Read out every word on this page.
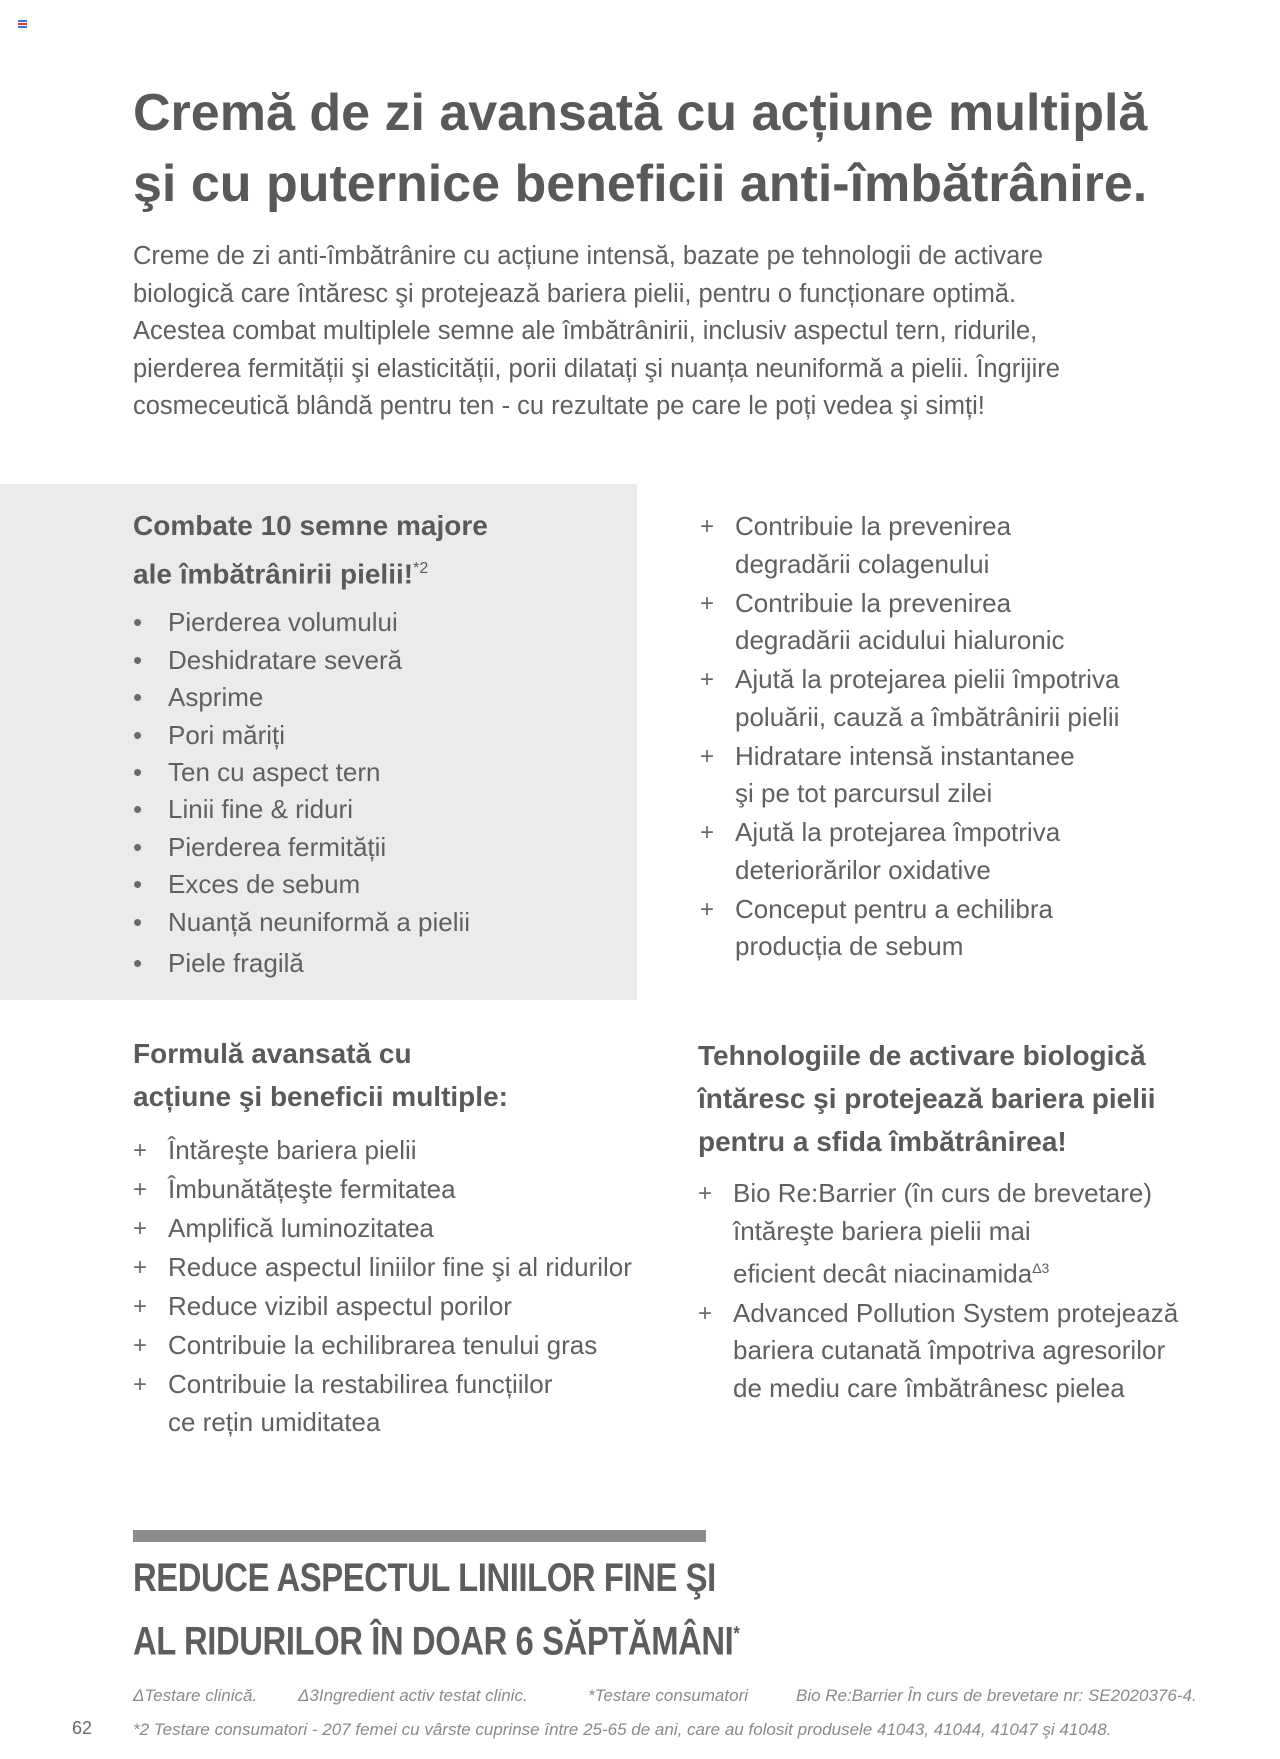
Cremă de zi avansată cu acțiune multiplă
şi cu puternice beneficii anti-îmbătrânire.

Creme de zi anti-îmbătrânire cu acțiune intensă, bazate pe tehnologii de activare
biologică care întăresc şi protejează bariera pielii, pentru o funcționare optimă.
Acestea combat multiplele semne ale îmbătrânirii, inclusiv aspectul tern, ridurile,
pierderea fermității şi elasticității, porii dilatați şi nuanța neuniformă a pielii. Îngrijire
cosmeceutică blândă pentru ten - cu rezultate pe care le poți vedea şi simți!

Combate 10 semne majore
ale îmbătrânirii pielii!$^{*2}$
• Pierderea volumului
• Deshidratare severă
• Asprime
• Pori măriți
• Ten cu aspect tern
• Linii fine & riduri
• Pierderea fermității
• Exces de sebum
• Nuanță neuniformă a pielii
• Piele fragilă
+ Contribuie la prevenirea
degradării colagenului
+ Contribuie la prevenirea
degradării acidului hialuronic
+ Ajută la protejarea pielii împotriva
poluării, cauză a îmbătrânirii pielii
+ Hidratare intensă instantanee
şi pe tot parcursul zilei
+ Ajută la protejarea împotriva
deteriorărilor oxidative
+ Conceput pentru a echilibra
producția de sebum
Formulă avansată cu
acțiune şi beneficii multiple:
+ Întăreşte bariera pielii
+ Îmbunătățeşte fermitatea
+ Amplifică luminozitatea
+ Reduce aspectul liniilor fine şi al ridurilor
+ Reduce vizibil aspectul porilor
+ Contribuie la echilibrarea tenului gras
+ Contribuie la restabilirea funcțiilor
ce rețin umiditatea
Tehnologiile de activare biologică
întăresc şi protejează bariera pielii
pentru a sfida îmbătrânirea!
+ Bio Re:Barrier (în curs de brevetare)
întăreşte bariera pielii mai
eficient decât niacinamida$^{\Delta 3}$
+ Advanced Pollution System protejează
bariera cutanată împotriva agresorilor
de mediu care îmbătrânesc pielea
REDUCE ASPECTUL LINIILOR FINE ŞI
AL RIDURILOR ÎN DOAR 6 SĂPTĂMÂNI*
ΔTestare clinică. Δ3Ingredient activ testat clinic.	*Testare consumatori	Bio Re:Barrier În curs de brevetare nr: SE2020376-4.
*2 Testare consumatori - 207 femei cu vârste cuprinse între 25-65 de ani, care au folosit produsele 41043, 41044, 41047 şi 41048.
62
